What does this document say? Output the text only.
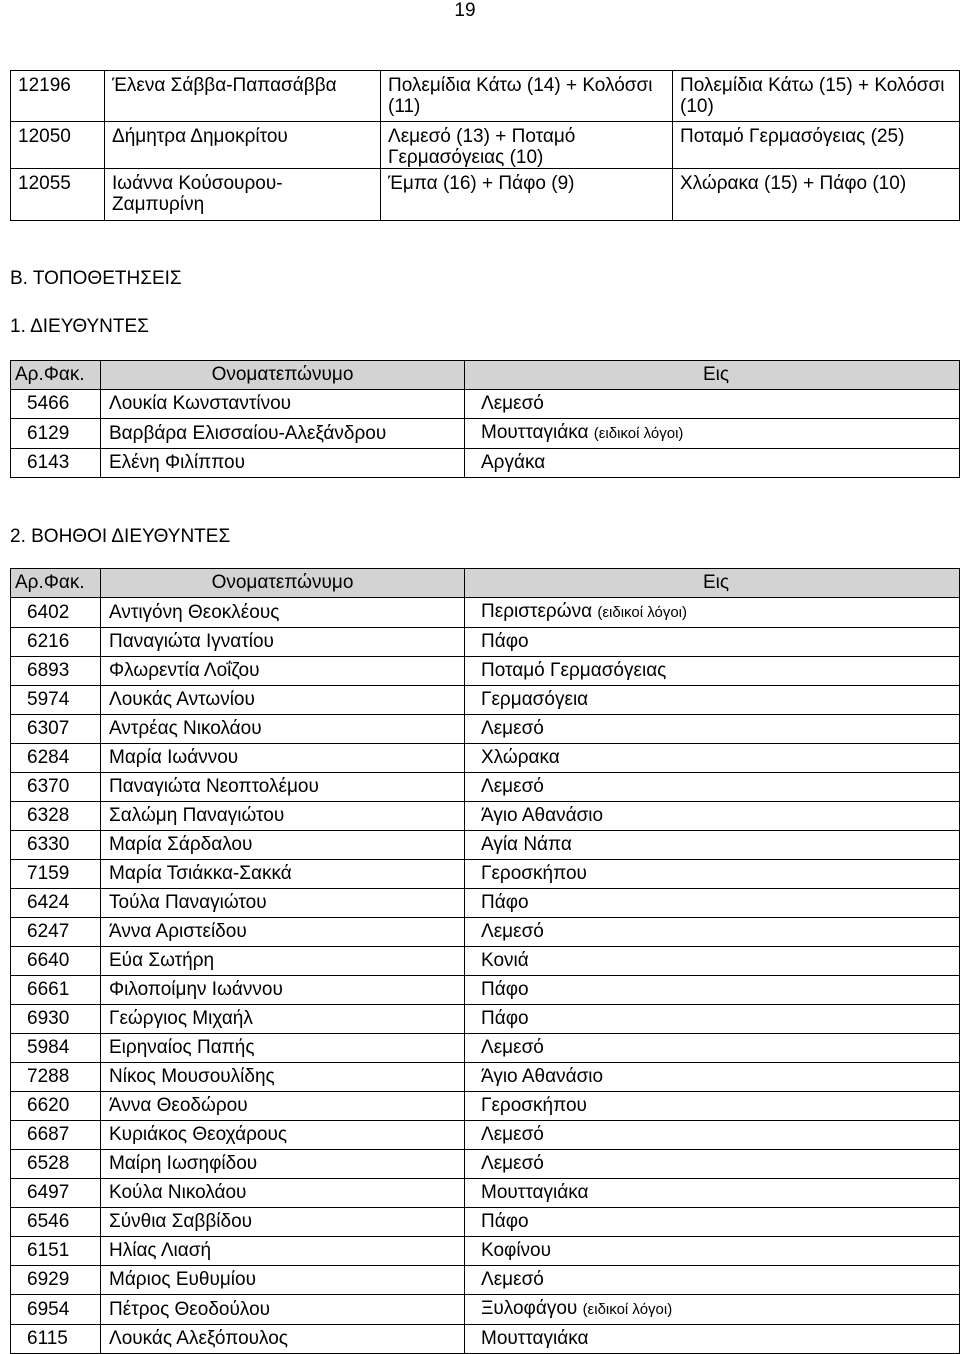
19
12196	Έλενα Σάββα-Παπασάββα	Πολεμίδια Κάτω (14) + Κολόσσι (11)	Πολεμίδια Κάτω (15) + Κολόσσι (10)
12050	Δήμητρα Δημοκρίτου	Λεμεσό (13) + Ποταμό Γερμασόγειας (10)	Ποταμό Γερμασόγειας (25)
12055	Ιωάννα Κούσουρου-Ζαμπυρίνη	Έμπα (16) + Πάφο (9)	Χλώρακα (15) + Πάφο (10)
Β. ΤΟΠΟΘΕΤΗΣΕΙΣ
1. ΔΙΕΥΘΥΝΤΕΣ
Αρ.Φακ.	Ονοματεπώνυμο	Εις
5466	Λουκία Κωνσταντίνου	Λεμεσό
6129	Βαρβάρα Ελισσαίου-Αλεξάνδρου	Μουτταγιάκα (ειδικοί λόγοι)
6143	Ελένη Φιλίππου	Αργάκα
2. ΒΟΗΘΟΙ ΔΙΕΥΘΥΝΤΕΣ
Αρ.Φακ.	Ονοματεπώνυμο	Εις
6402	Αντιγόνη Θεοκλέους	Περιστερώνα (ειδικοί λόγοι)
6216	Παναγιώτα Ιγνατίου	Πάφο
6893	Φλωρεντία Λοΐζου	Ποταμό Γερμασόγειας
5974	Λουκάς Αντωνίου	Γερμασόγεια
6307	Αντρέας Νικολάου	Λεμεσό
6284	Μαρία Ιωάννου	Χλώρακα
6370	Παναγιώτα Νεοπτολέμου	Λεμεσό
6328	Σαλώμη Παναγιώτου	Άγιο Αθανάσιο
6330	Μαρία Σάρδαλου	Αγία Νάπα
7159	Μαρία Τσιάκκα-Σακκά	Γεροσκήπου
6424	Τούλα Παναγιώτου	Πάφο
6247	Άννα Αριστείδου	Λεμεσό
6640	Εύα Σωτήρη	Κονιά
6661	Φιλοποίμην Ιωάννου	Πάφο
6930	Γεώργιος Μιχαήλ	Πάφο
5984	Ειρηναίος Παπής	Λεμεσό
7288	Νίκος Μουσουλίδης	Άγιο Αθανάσιο
6620	Άννα Θεοδώρου	Γεροσκήπου
6687	Κυριάκος Θεοχάρους	Λεμεσό
6528	Μαίρη Ιωσηφίδου	Λεμεσό
6497	Κούλα Νικολάου	Μουτταγιάκα
6546	Σύνθια Σαββίδου	Πάφο
6151	Ηλίας Λιασή	Κοφίνου
6929	Μάριος Ευθυμίου	Λεμεσό
6954	Πέτρος Θεοδούλου	Ξυλοφάγου (ειδικοί λόγοι)
6115	Λουκάς Αλεξόπουλος	Μουτταγιάκα
